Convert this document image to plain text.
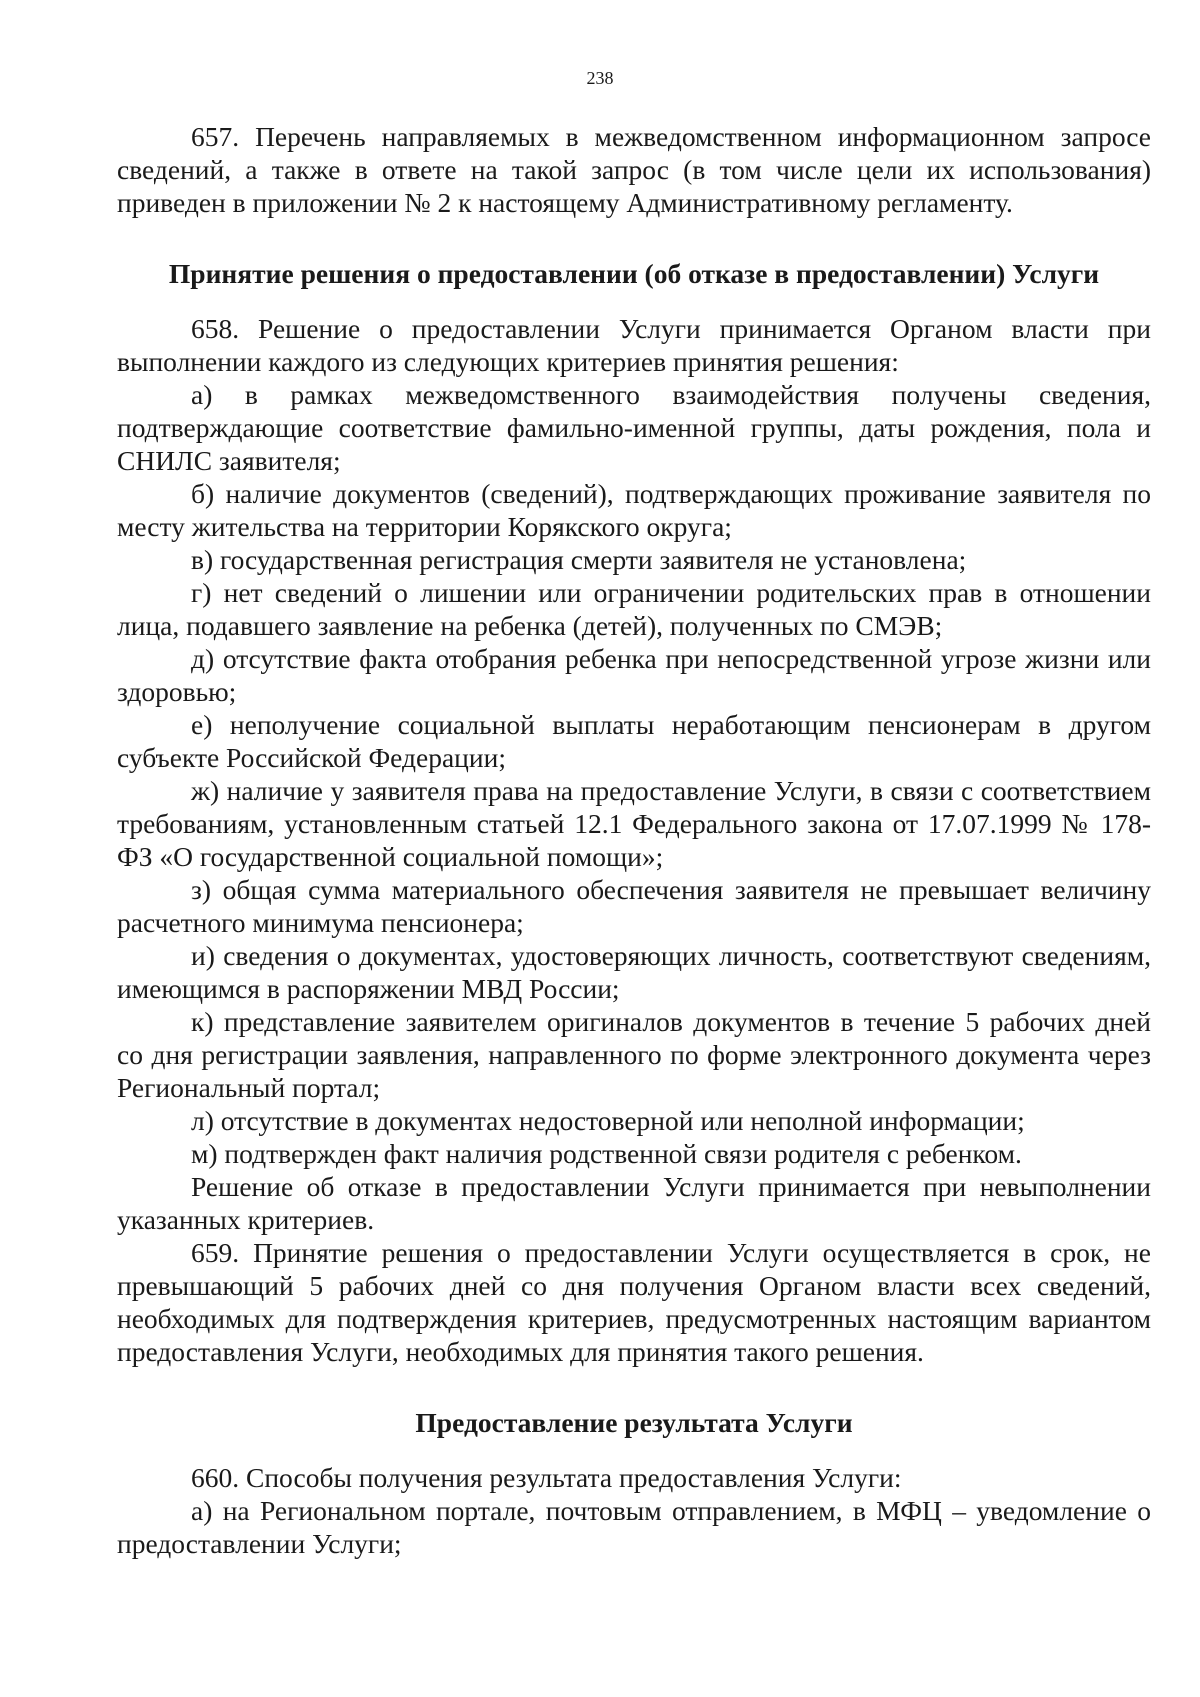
238

657. Перечень направляемых в межведомственном информационном запросе сведений, а также в ответе на такой запрос (в том числе цели их использования) приведен в приложении № 2 к настоящему Административному регламенту.

Принятие решения о предоставлении (об отказе в предоставлении) Услуги

658. Решение о предоставлении Услуги принимается Органом власти при выполнении каждого из следующих критериев принятия решения:

а) в рамках межведомственного взаимодействия получены сведения, подтверждающие соответствие фамильно-именной группы, даты рождения, пола и СНИЛС заявителя;

б) наличие документов (сведений), подтверждающих проживание заявителя по месту жительства на территории Корякского округа;

в) государственная регистрация смерти заявителя не установлена;

г) нет сведений о лишении или ограничении родительских прав в отношении лица, подавшего заявление на ребенка (детей), полученных по СМЭВ;

д) отсутствие факта отобрания ребенка при непосредственной угрозе жизни или здоровью;

е) неполучение социальной выплаты неработающим пенсионерам в другом субъекте Российской Федерации;

ж) наличие у заявителя права на предоставление Услуги, в связи с соответствием требованиям, установленным статьей 12.1 Федерального закона от 17.07.1999 № 178-ФЗ «О государственной социальной помощи»;

з) общая сумма материального обеспечения заявителя не превышает величину расчетного минимума пенсионера;

и) сведения о документах, удостоверяющих личность, соответствуют сведениям, имеющимся в распоряжении МВД России;

к) представление заявителем оригиналов документов в течение 5 рабочих дней со дня регистрации заявления, направленного по форме электронного документа через Региональный портал;

л) отсутствие в документах недостоверной или неполной информации;

м) подтвержден факт наличия родственной связи родителя с ребенком.

Решение об отказе в предоставлении Услуги принимается при невыполнении указанных критериев.

659. Принятие решения о предоставлении Услуги осуществляется в срок, не превышающий 5 рабочих дней со дня получения Органом власти всех сведений, необходимых для подтверждения критериев, предусмотренных настоящим вариантом предоставления Услуги, необходимых для принятия такого решения.

Предоставление результата Услуги

660. Способы получения результата предоставления Услуги:

а) на Региональном портале, почтовым отправлением, в МФЦ – уведомление о предоставлении Услуги;
